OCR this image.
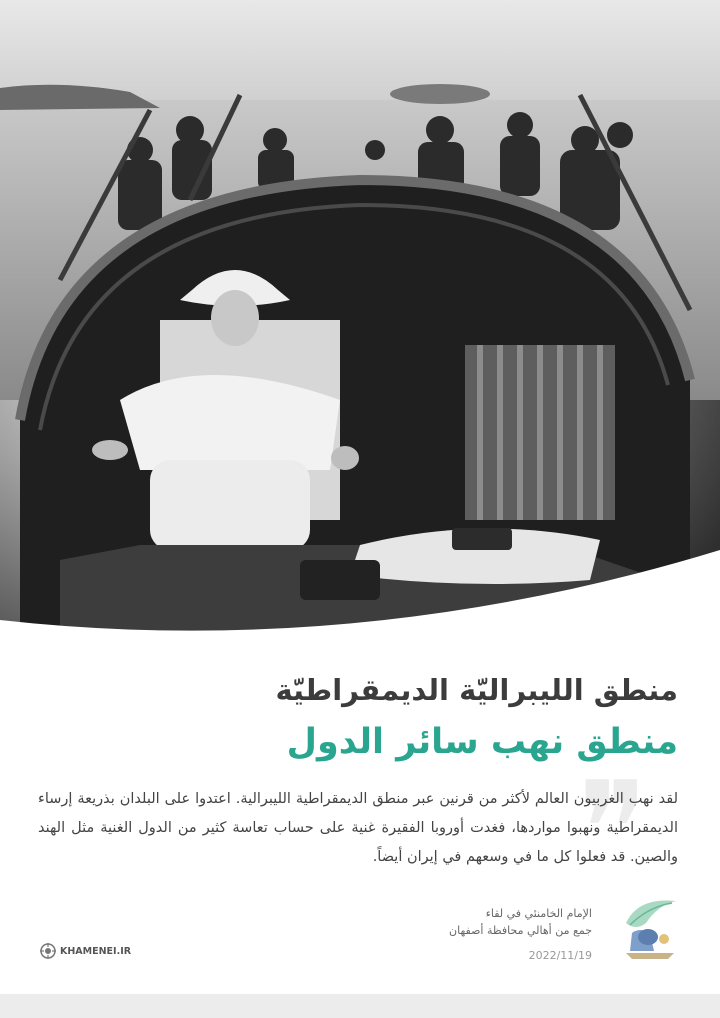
منطق الليبراليّة الديمقراطيّة
منطق نهب سائر الدول
❞
لقد نهب الغربيون العالم لأكثر من قرنين عبر منطق الديمقراطية الليبرالية. اعتدوا على البلدان بذريعة إرساء الديمقراطية ونهبوا مواردها، فغدت أوروبا الفقيرة غنية على حساب تعاسة كثير من الدول الغنية مثل الهند والصين. قد فعلوا كل ما في وسعهم في إيران أيضاً.
الإمام الخامنئي في لقاء
جمع من أهالي محافظة أصفهان
2022/11/19
KHAMENEI.IR
